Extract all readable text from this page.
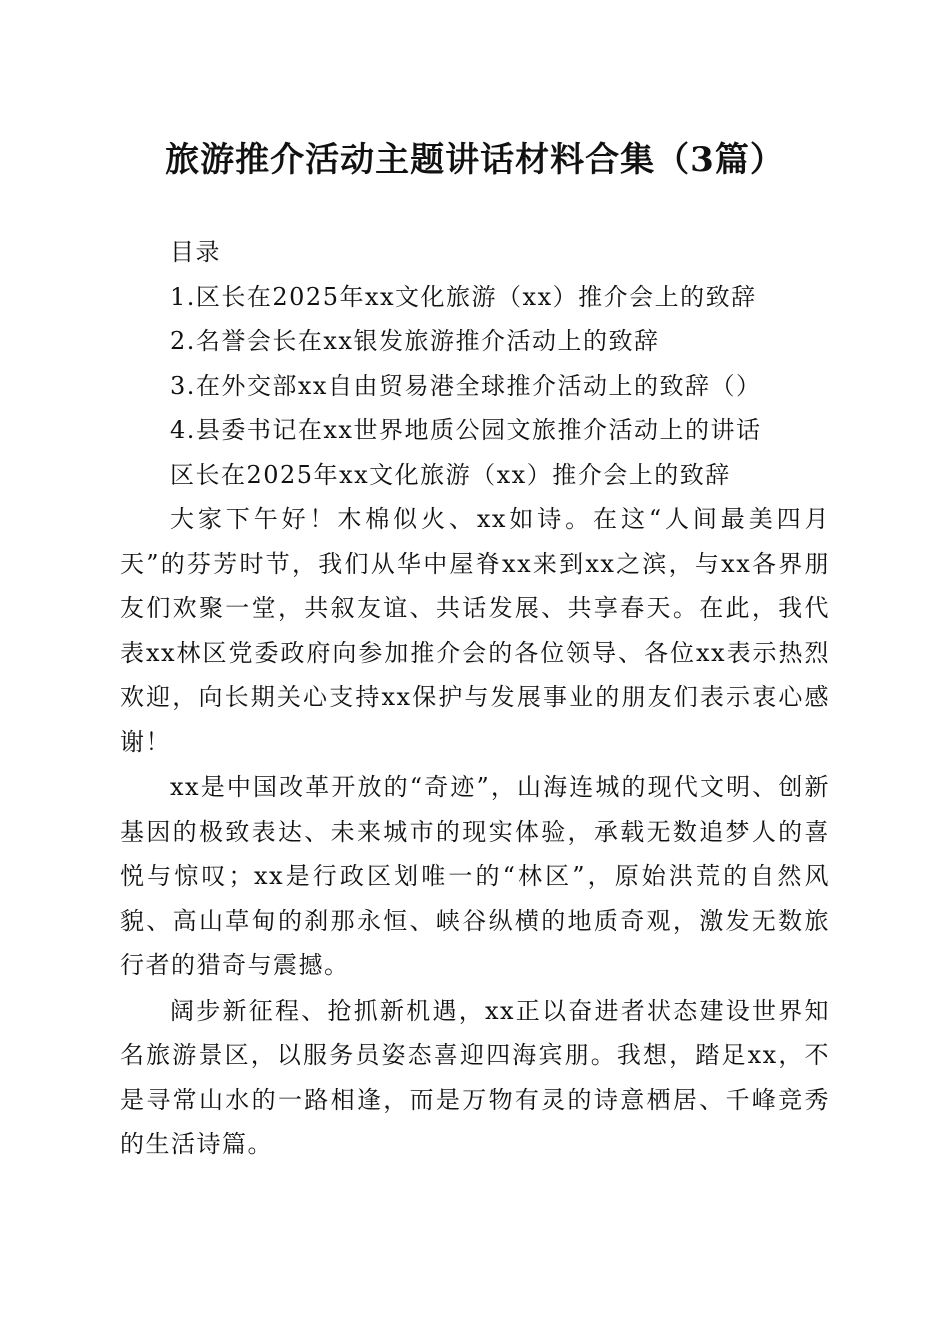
旅游推介活动主题讲话材料合集（3篇）

目录

1.区长在2025年xx文化旅游（xx）推介会上的致辞

2.名誉会长在xx银发旅游推介活动上的致辞

3.在外交部xx自由贸易港全球推介活动上的致辞（）

4.县委书记在xx世界地质公园文旅推介活动上的讲话

区长在2025年xx文化旅游（xx）推介会上的致辞

大家下午好！木棉似火、xx如诗。在这“人间最美四月天”的芬芳时节，我们从华中屋脊xx来到xx之滨，与xx各界朋友们欢聚一堂，共叙友谊、共话发展、共享春天。在此，我代表xx林区党委政府向参加推介会的各位领导、各位xx表示热烈欢迎，向长期关心支持xx保护与发展事业的朋友们表示衷心感谢！

xx是中国改革开放的“奇迹”，山海连城的现代文明、创新基因的极致表达、未来城市的现实体验，承载无数追梦人的喜悦与惊叹；xx是行政区划唯一的“林区”，原始洪荒的自然风貌、高山草甸的刹那永恒、峡谷纵横的地质奇观，激发无数旅行者的猎奇与震撼。

阔步新征程、抢抓新机遇，xx正以奋进者状态建设世界知名旅游景区，以服务员姿态喜迎四海宾朋。我想，踏足xx，不是寻常山水的一路相逢，而是万物有灵的诗意栖居、千峰竞秀的生活诗篇。
